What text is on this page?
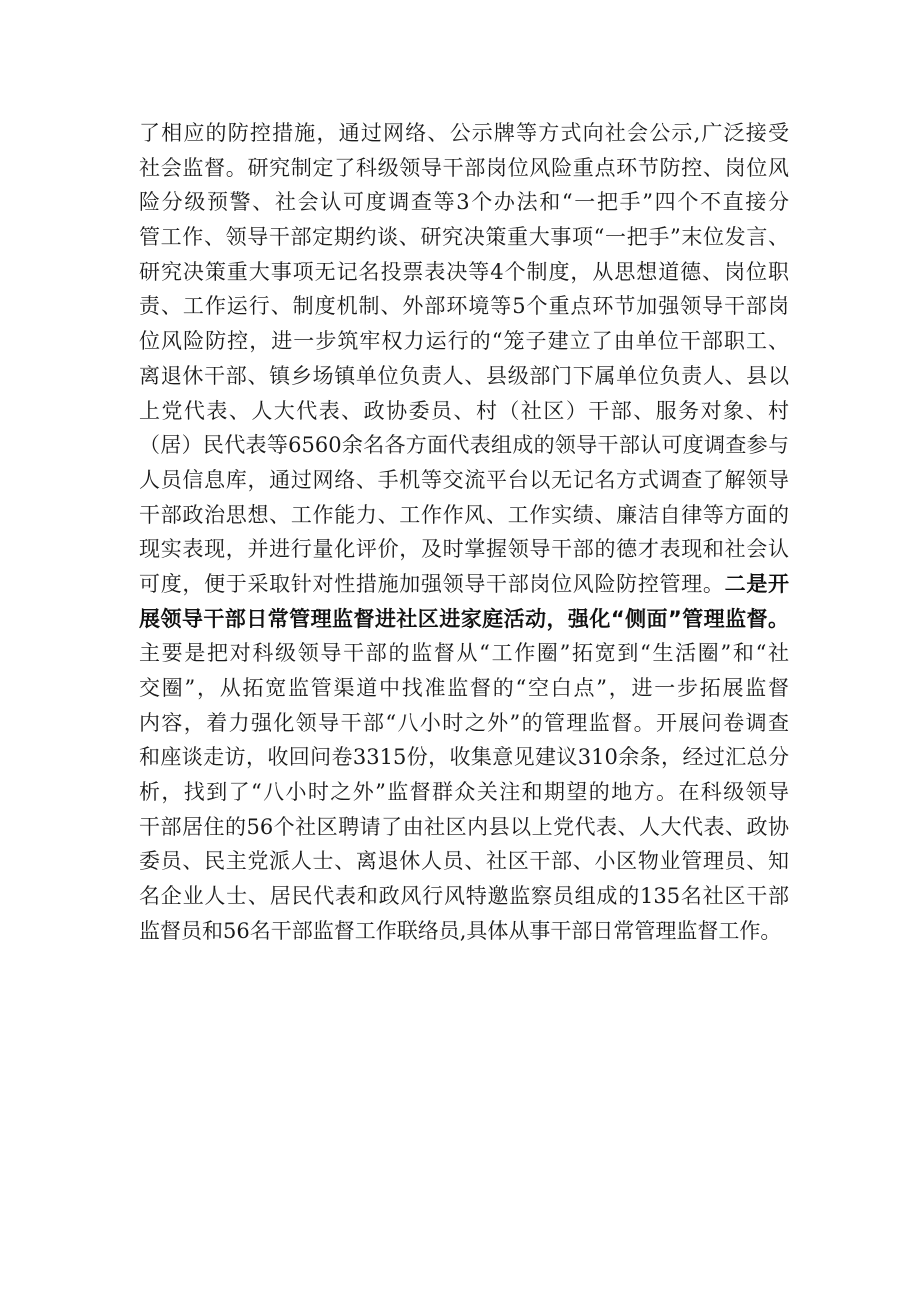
了相应的防控措施，通过网络、公示牌等方式向社会公示,广泛接受
社会监督。研究制定了科级领导干部岗位风险重点环节防控、岗位风
险分级预警、社会认可度调查等3个办法和“一把手”四个不直接分
管工作、领导干部定期约谈、研究决策重大事项“一把手”末位发言、
研究决策重大事项无记名投票表决等4个制度，从思想道德、岗位职
责、工作运行、制度机制、外部环境等5个重点环节加强领导干部岗
位风险防控，进一步筑牢权力运行的“笼子建立了由单位干部职工、
离退休干部、镇乡场镇单位负责人、县级部门下属单位负责人、县以
上党代表、人大代表、政协委员、村（社区）干部、服务对象、村
（居）民代表等6560余名各方面代表组成的领导干部认可度调查参与
人员信息库，通过网络、手机等交流平台以无记名方式调查了解领导
干部政治思想、工作能力、工作作风、工作实绩、廉洁自律等方面的
现实表现，并进行量化评价，及时掌握领导干部的德才表现和社会认
可度，便于采取针对性措施加强领导干部岗位风险防控管理。二是开
展领导干部日常管理监督进社区进家庭活动，强化“侧面”管理监督。
主要是把对科级领导干部的监督从“工作圈”拓宽到“生活圈”和“社
交圈”，从拓宽监管渠道中找准监督的“空白点”，进一步拓展监督
内容，着力强化领导干部“八小时之外”的管理监督。开展问卷调查
和座谈走访，收回问卷3315份，收集意见建议310余条，经过汇总分
析，找到了“八小时之外”监督群众关注和期望的地方。在科级领导
干部居住的56个社区聘请了由社区内县以上党代表、人大代表、政协
委员、民主党派人士、离退休人员、社区干部、小区物业管理员、知
名企业人士、居民代表和政风行风特邀监察员组成的135名社区干部
监督员和56名干部监督工作联络员,具体从事干部日常管理监督工作。
